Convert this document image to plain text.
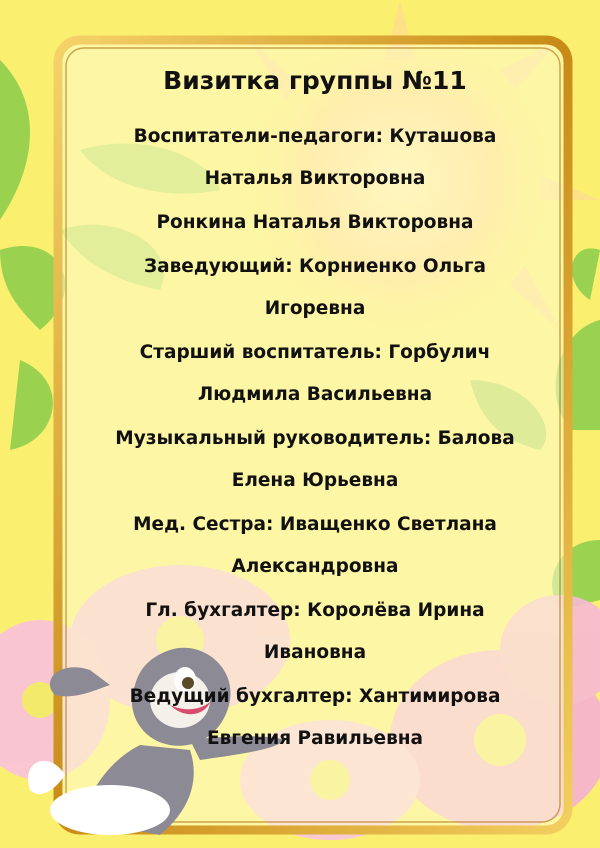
Визитка группы №11
Воспитатели-педагоги: Куташова
Наталья Викторовна
Ронкина Наталья Викторовна
Заведующий: Корниенко Ольга
Игоревна
Старший воспитатель: Горбулич
Людмила Васильевна
Музыкальный руководитель: Балова
Елена Юрьевна
Мед. Сестра: Иващенко Светлана
Александровна
Гл. бухгалтер: Королёва Ирина Ивановна
Ведущий бухгалтер: Хантимирова
Евгения Равильевна
